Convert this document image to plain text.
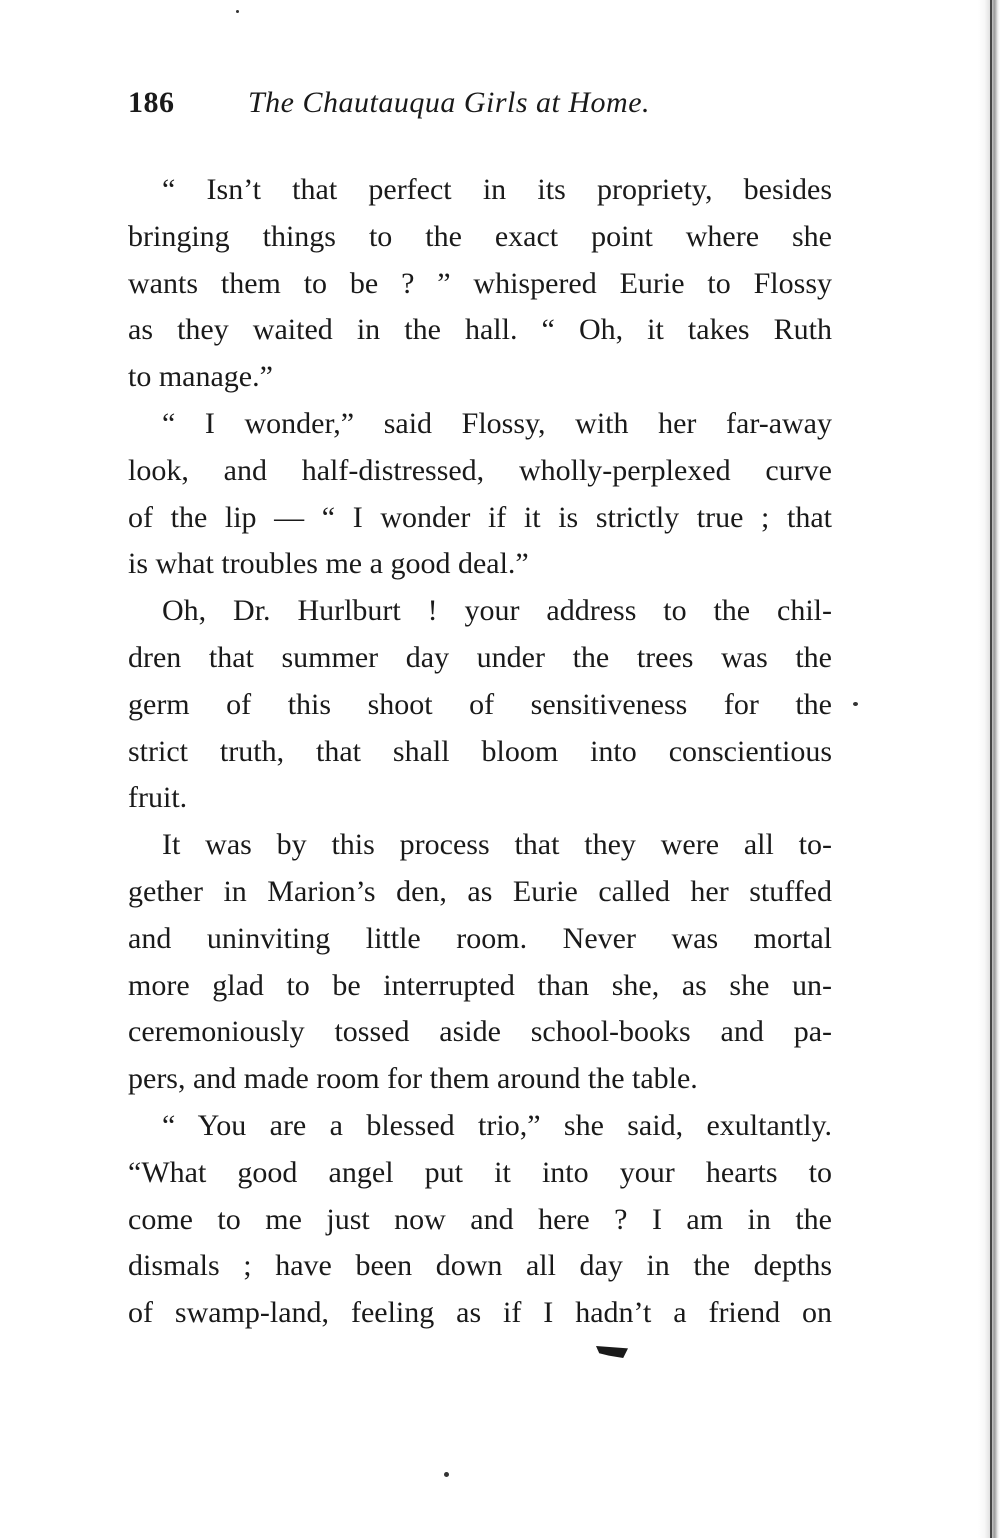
186 The Chautauqua Girls at Home.
“ Isn’t that perfect in its propriety, besides
bringing things to the exact point where she
wants them to be ? ” whispered Eurie to Flossy
as they waited in the hall. “ Oh, it takes Ruth
to manage.”
“ I wonder,” said Flossy, with her far-away
look, and half-distressed, wholly-perplexed curve
of the lip — “ I wonder if it is strictly true ; that
is what troubles me a good deal.”
Oh, Dr. Hurlburt ! your address to the chil-
dren that summer day under the trees was the
germ of this shoot of sensitiveness for the
strict truth, that shall bloom into conscientious
fruit.
It was by this process that they were all to-
gether in Marion’s den, as Eurie called her stuffed
and uninviting little room. Never was mortal
more glad to be interrupted than she, as she un-
ceremoniously tossed aside school-books and pa-
pers, and made room for them around the table.
“ You are a blessed trio,” she said, exultantly.
“What good angel put it into your hearts to
come to me just now and here ? I am in the
dismals ; have been down all day in the depths
of swamp-land, feeling as if I hadn’t a friend on
